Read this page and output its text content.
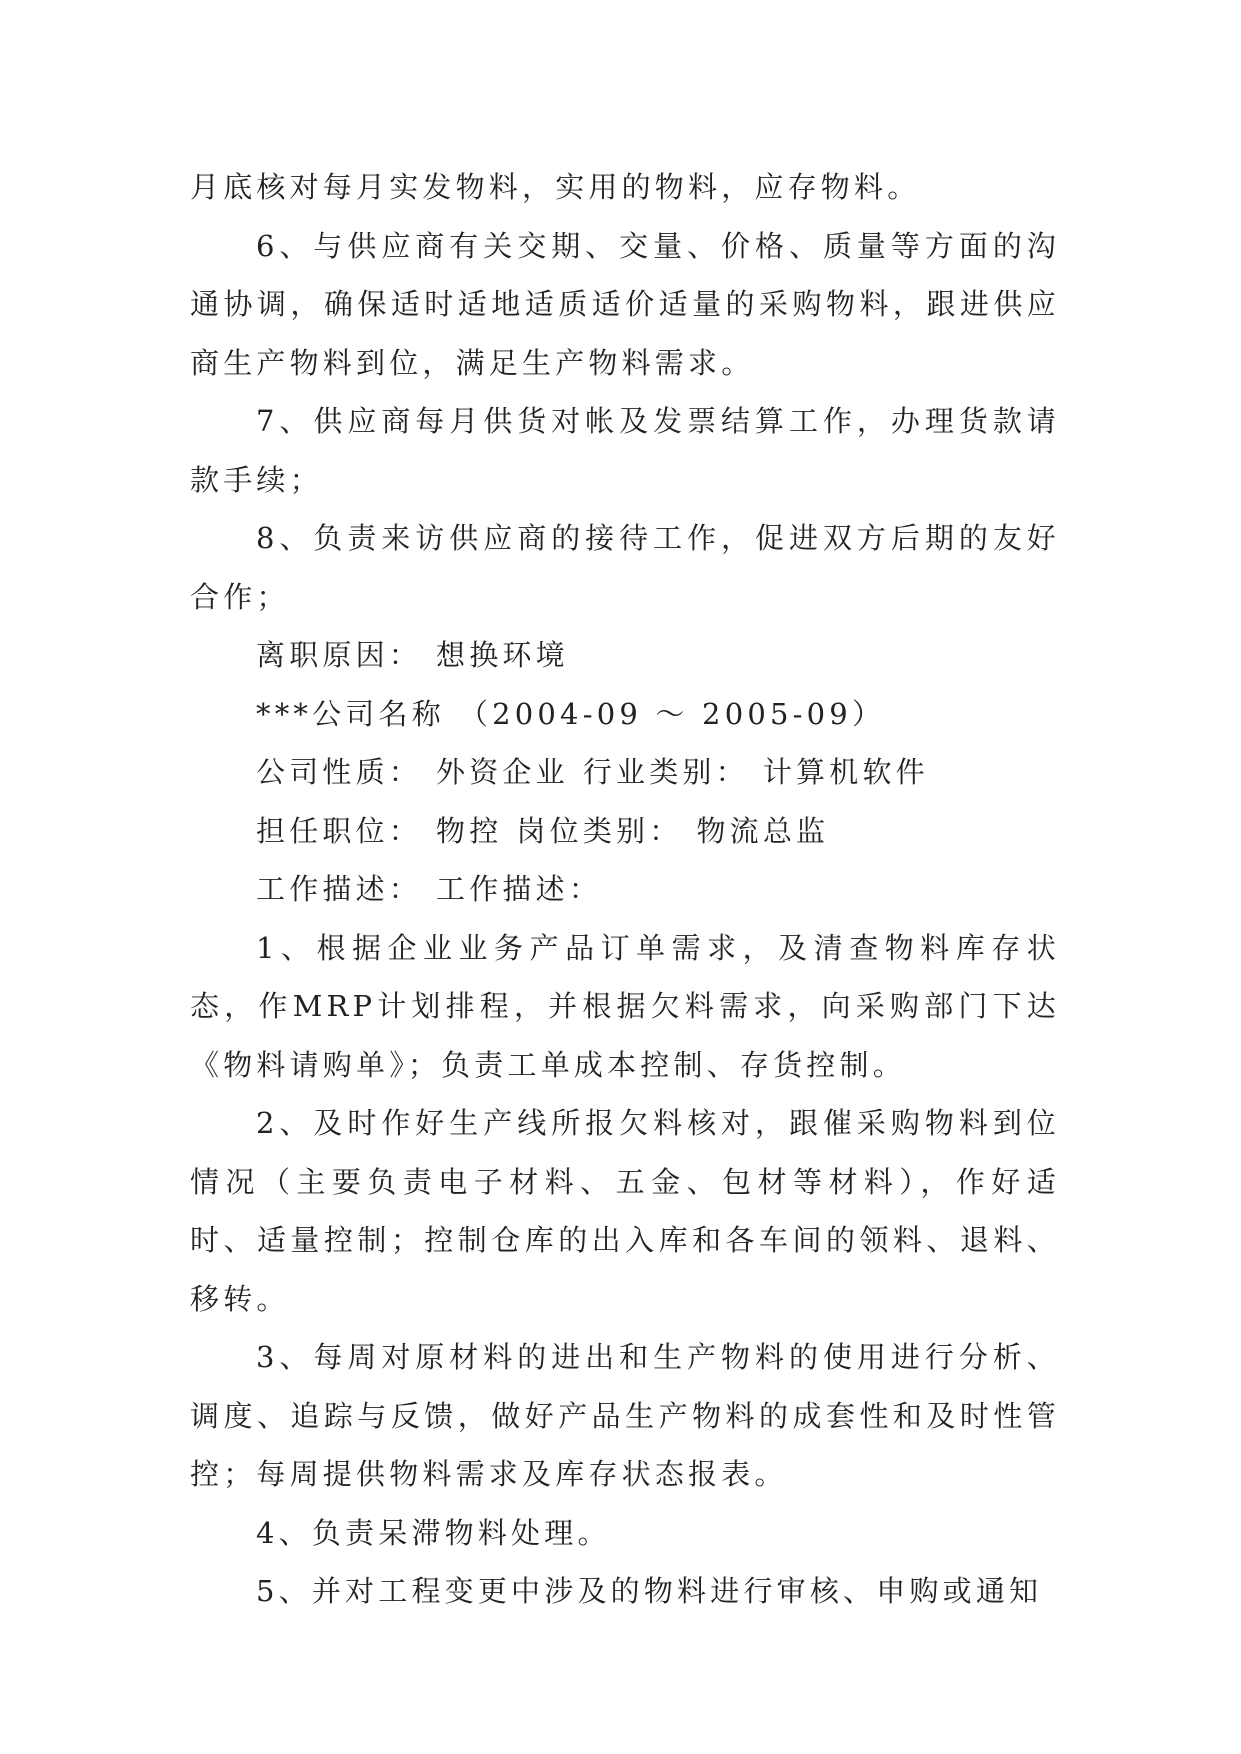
月底核对每月实发物料，实用的物料，应存物料。

6、与供应商有关交期、交量、价格、质量等方面的沟通协调，确保适时适地适质适价适量的采购物料，跟进供应商生产物料到位，满足生产物料需求。

7、供应商每月供货对帐及发票结算工作，办理货款请款手续；

8、负责来访供应商的接待工作，促进双方后期的友好合作；

离职原因： 想换环境

***公司名称 （2004-09 ～ 2005-09）

公司性质： 外资企业 行业类别： 计算机软件

担任职位： 物控 岗位类别： 物流总监

工作描述： 工作描述：

1、根据企业业务产品订单需求，及清查物料库存状态，作MRP计划排程，并根据欠料需求，向采购部门下达《物料请购单》；负责工单成本控制、存货控制。

2、及时作好生产线所报欠料核对，跟催采购物料到位情况（主要负责电子材料、五金、包材等材料），作好适时、适量控制；控制仓库的出入库和各车间的领料、退料、移转。

3、每周对原材料的进出和生产物料的使用进行分析、调度、追踪与反馈，做好产品生产物料的成套性和及时性管控；每周提供物料需求及库存状态报表。

4、负责呆滞物料处理。

5、并对工程变更中涉及的物料进行审核、申购或通知
